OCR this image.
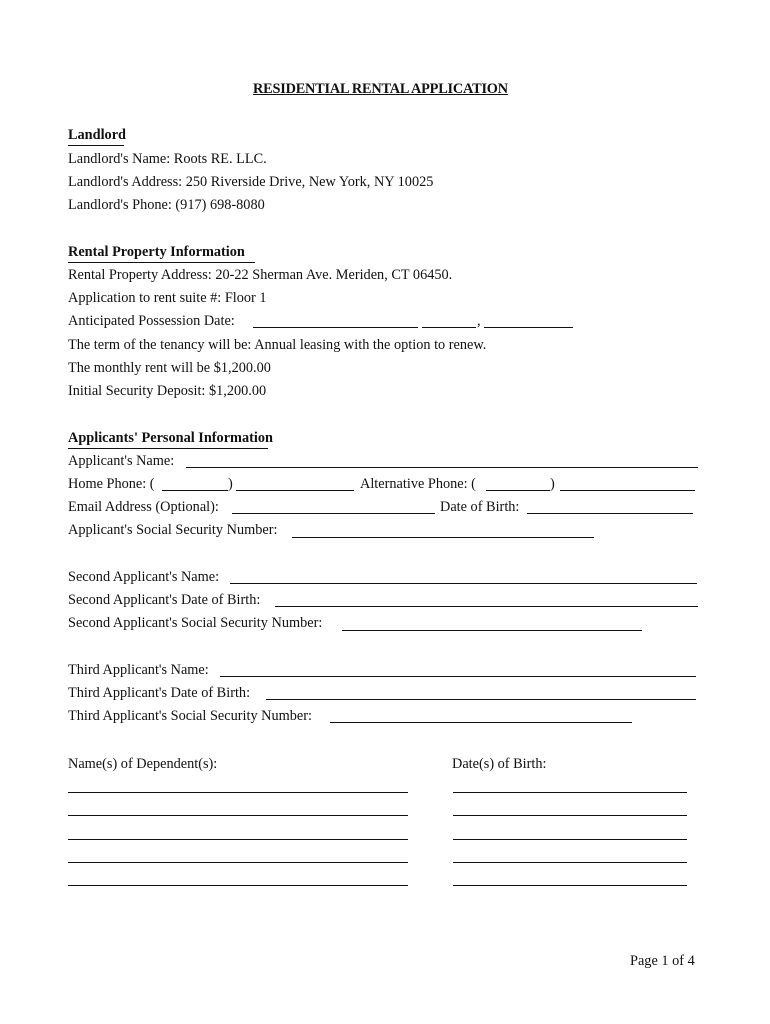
RESIDENTIAL RENTAL APPLICATION
Landlord
Landlord's Name: Roots RE. LLC.
Landlord's Address: 250 Riverside Drive, New York, NY 10025
Landlord's Phone: (917) 698-8080
Rental Property Information
Rental Property Address: 20-22 Sherman Ave. Meriden, CT 06450.
Application to rent suite #: Floor 1
Anticipated Possession Date:	,
The term of the tenancy will be: Annual leasing with the option to renew.
The monthly rent will be $1,200.00
Initial Security Deposit: $1,200.00
Applicants' Personal Information
Applicant's Name:
Home Phone: (	)	Alternative Phone: (	)
Email Address (Optional):	Date of Birth:
Applicant's Social Security Number:
Second Applicant's Name:
Second Applicant's Date of Birth:
Second Applicant's Social Security Number:
Third Applicant's Name:
Third Applicant's Date of Birth:
Third Applicant's Social Security Number:
Name(s) of Dependent(s):	Date(s) of Birth:
Page 1 of 4
